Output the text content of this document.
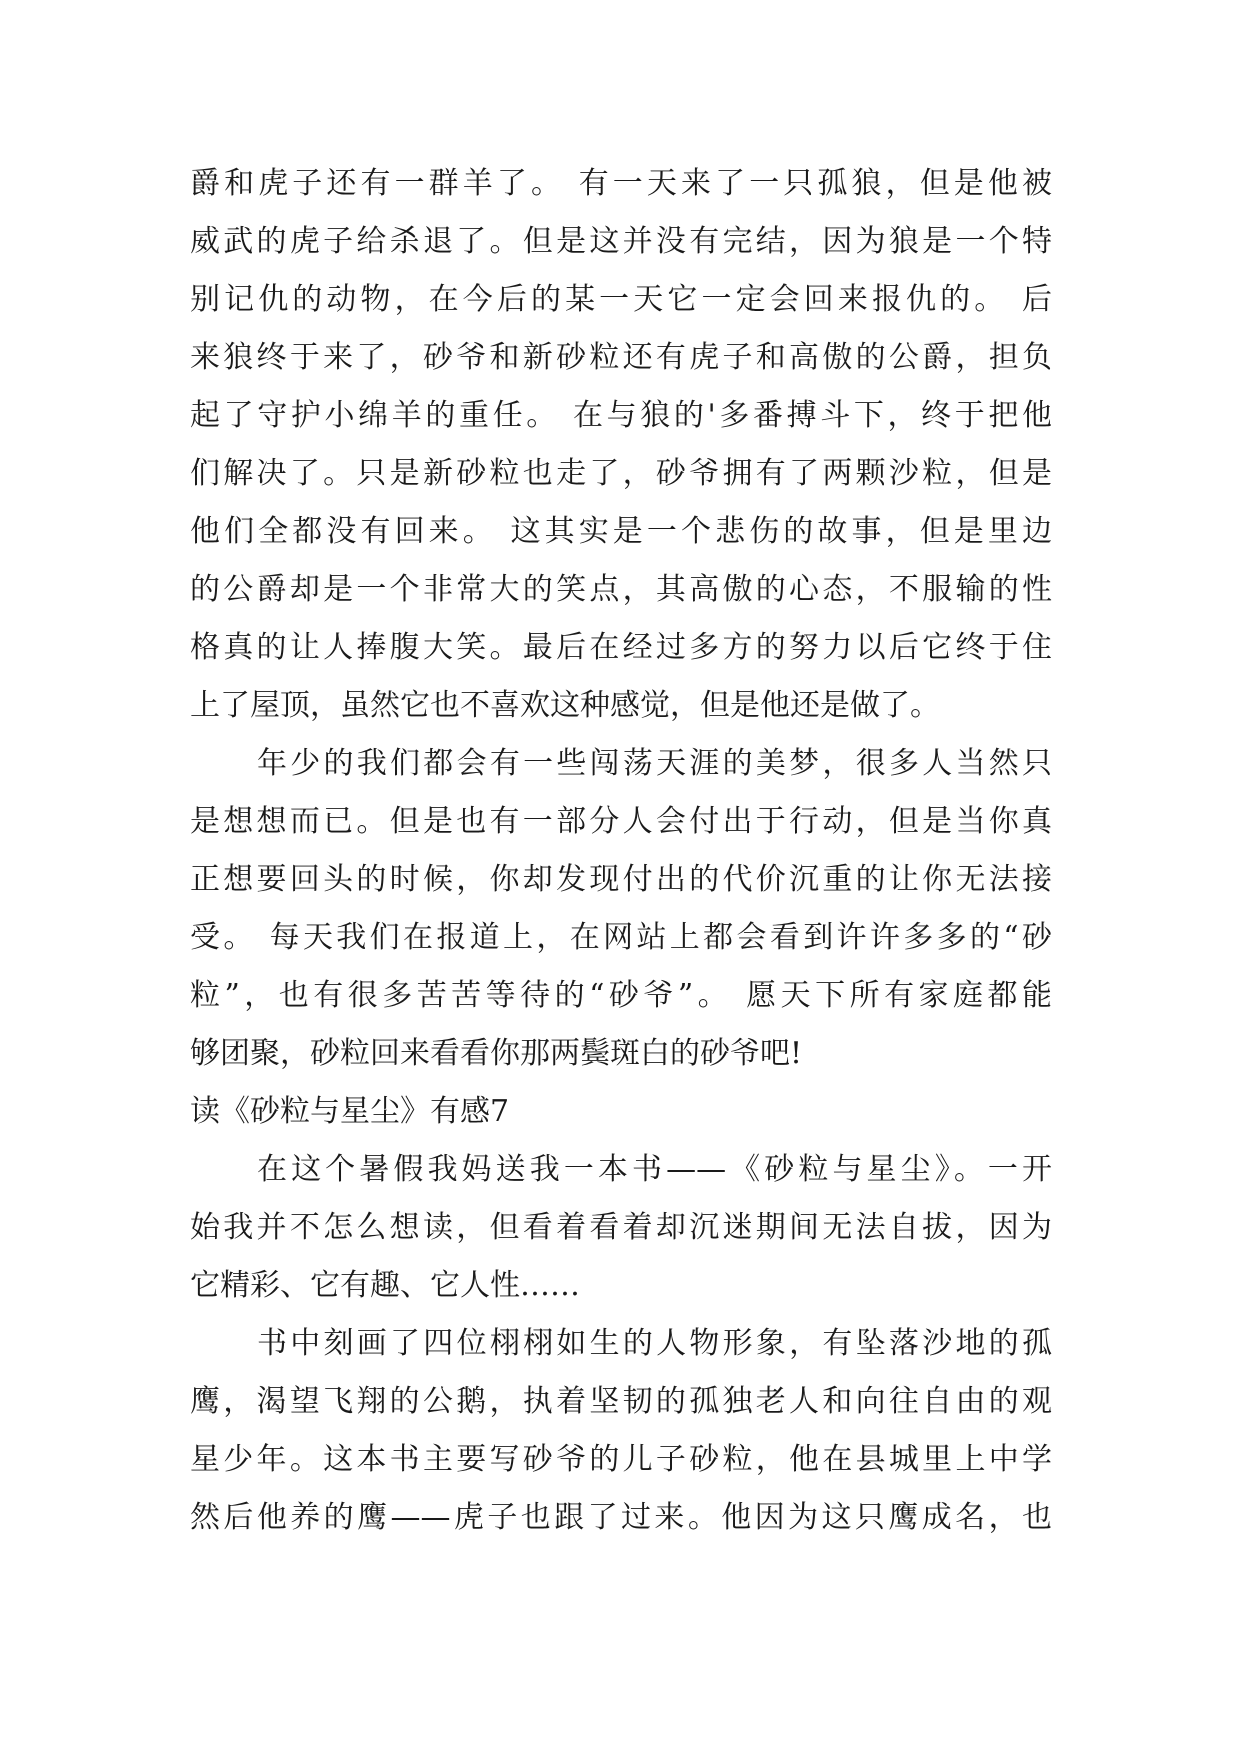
爵和虎子还有一群羊了。 有一天来了一只孤狼，但是他被
威武的虎子给杀退了。但是这并没有完结，因为狼是一个特
别记仇的动物，在今后的某一天它一定会回来报仇的。 后
来狼终于来了，砂爷和新砂粒还有虎子和高傲的公爵，担负
起了守护小绵羊的重任。 在与狼的'多番搏斗下，终于把他
们解决了。只是新砂粒也走了，砂爷拥有了两颗沙粒，但是
他们全都没有回来。 这其实是一个悲伤的故事，但是里边
的公爵却是一个非常大的笑点，其高傲的心态，不服输的性
格真的让人捧腹大笑。最后在经过多方的努力以后它终于住
上了屋顶，虽然它也不喜欢这种感觉，但是他还是做了。
年少的我们都会有一些闯荡天涯的美梦，很多人当然只
是想想而已。但是也有一部分人会付出于行动，但是当你真
正想要回头的时候，你却发现付出的代价沉重的让你无法接
受。 每天我们在报道上，在网站上都会看到许许多多的“砂
粒”，也有很多苦苦等待的“砂爷”。 愿天下所有家庭都能
够团聚，砂粒回来看看你那两鬓斑白的砂爷吧!
读《砂粒与星尘》有感7
在这个暑假我妈送我一本书——《砂粒与星尘》。一开
始我并不怎么想读，但看着看着却沉迷期间无法自拔，因为
它精彩、它有趣、它人性……
书中刻画了四位栩栩如生的人物形象，有坠落沙地的孤
鹰，渴望飞翔的公鹅，执着坚韧的孤独老人和向往自由的观
星少年。这本书主要写砂爷的儿子砂粒，他在县城里上中学
然后他养的鹰——虎子也跟了过来。他因为这只鹰成名，也
